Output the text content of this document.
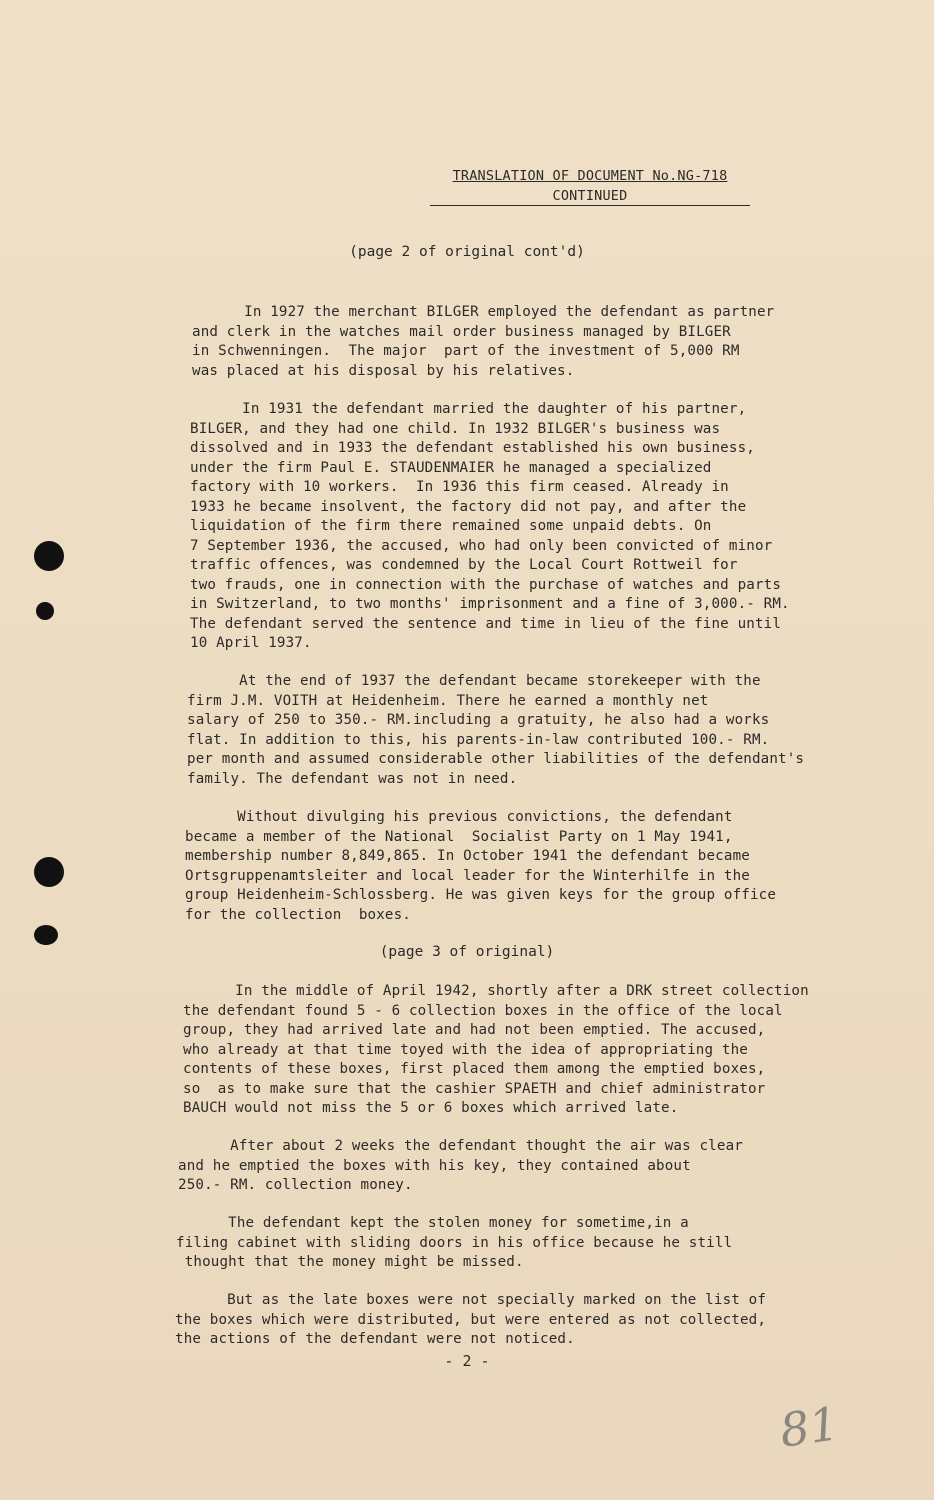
TRANSLATION OF DOCUMENT No.NG-718
CONTINUED
(page 2 of original cont'd)
In 1927 the merchant BILGER employed the defendant as partner
and clerk in the watches mail order business managed by BILGER
in Schwenningen.  The major  part of the investment of 5,000 RM
was placed at his disposal by his relatives.
In 1931 the defendant married the daughter of his partner,
BILGER, and they had one child. In 1932 BILGER's business was
dissolved and in 1933 the defendant established his own business,
under the firm Paul E. STAUDENMAIER he managed a specialized
factory with 10 workers.  In 1936 this firm ceased. Already in
1933 he became insolvent, the factory did not pay, and after the
liquidation of the firm there remained some unpaid debts. On
7 September 1936, the accused, who had only been convicted of minor
traffic offences, was condemned by the Local Court Rottweil for
two frauds, one in connection with the purchase of watches and parts
in Switzerland, to two months' imprisonment and a fine of 3,000.- RM.
The defendant served the sentence and time in lieu of the fine until
10 April 1937.
At the end of 1937 the defendant became storekeeper with the
firm J.M. VOITH at Heidenheim. There he earned a monthly net
salary of 250 to 350.- RM.including a gratuity, he also had a works
flat. In addition to this, his parents-in-law contributed 100.- RM.
per month and assumed considerable other liabilities of the defendant's
family. The defendant was not in need.
Without divulging his previous convictions, the defendant
became a member of the National  Socialist Party on 1 May 1941,
membership number 8,849,865. In October 1941 the defendant became
Ortsgruppenamtsleiter and local leader for the Winterhilfe in the
group Heidenheim-Schlossberg. He was given keys for the group office
for the collection  boxes.
(page 3 of original)
In the middle of April 1942, shortly after a DRK street collection
the defendant found 5 - 6 collection boxes in the office of the local
group, they had arrived late and had not been emptied. The accused,
who already at that time toyed with the idea of appropriating the
contents of these boxes, first placed them among the emptied boxes,
so  as to make sure that the cashier SPAETH and chief administrator
BAUCH would not miss the 5 or 6 boxes which arrived late.
After about 2 weeks the defendant thought the air was clear
and he emptied the boxes with his key, they contained about
250.- RM. collection money.
The defendant kept the stolen money for sometime,in a
filing cabinet with sliding doors in his office because he still
thought that the money might be missed.
But as the late boxes were not specially marked on the list of
the boxes which were distributed, but were entered as not collected,
the actions of the defendant were not noticed.
- 2 -
81
